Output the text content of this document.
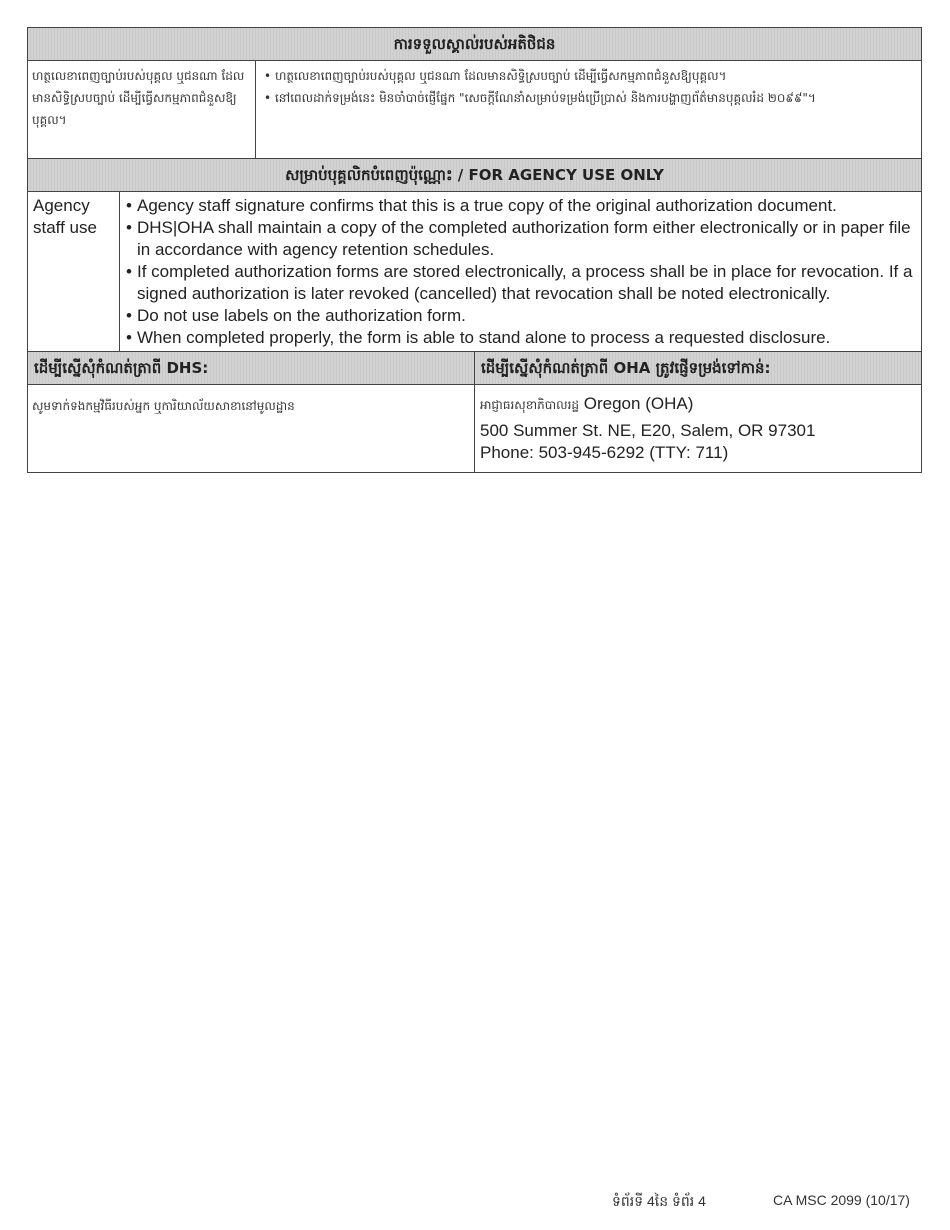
ការទទួលស្គាល់របស់អតិថិជន

ហត្ថលេខាពេញច្បាប់របស់បុគ្គល ឬជនណា ដែលមានសិទ្ធិស្របច្បាប់ ដើម្បីធ្វើសកម្មភាពជំនួសឱ្យបុគ្គល។

• ហត្ថលេខាពេញច្បាប់របស់បុគ្គល ឬជនណា ដែលមានសិទ្ធិស្របច្បាប់ ដើម្បីធ្វើសកម្មភាពជំនួសឱ្យបុគ្គល។
• នៅពេលដាក់ទម្រង់នេះ មិនចាំបាច់ផ្ញើផ្នែក "សេចក្តីណែនាំសម្រាប់ទម្រង់ប្រើប្រាស់ និងការបង្ហាញព័ត៌មានបុគ្គលរំដ ២០៩៩"។
សម្រាប់បុគ្គលិកបំពេញប៉ុណ្ណោះ / FOR AGENCY USE ONLY

Agency staff use

• Agency staff signature confirms that this is a true copy of the original authorization document.
• DHS|OHA shall maintain a copy of the completed authorization form either electronically or in paper file in accordance with agency retention schedules.
• If completed authorization forms are stored electronically, a process shall be in place for revocation. If a signed authorization is later revoked (cancelled) that revocation shall be noted electronically.
• Do not use labels on the authorization form.
• When completed properly, the form is able to stand alone to process a requested disclosure.
ដើម្បីស្នើសុំកំណត់ត្រាពី DHS:	ដើម្បីស្នើសុំកំណត់ត្រាពី OHA ត្រូវផ្ញើទម្រង់ទៅកាន់:

សូមទាក់ទងកម្មវិធីរបស់អ្នក ឬការិយាល័យសាខានៅមូលដ្ឋាន	អាជ្ញាធរសុខាភិបាលរដ្ឋ Oregon (OHA)
500 Summer St. NE, E20, Salem, OR 97301
Phone: 503-945-6292 (TTY: 711)
ទំព័រទី 4នៃ ទំព័រ 4	CA MSC 2099 (10/17)
